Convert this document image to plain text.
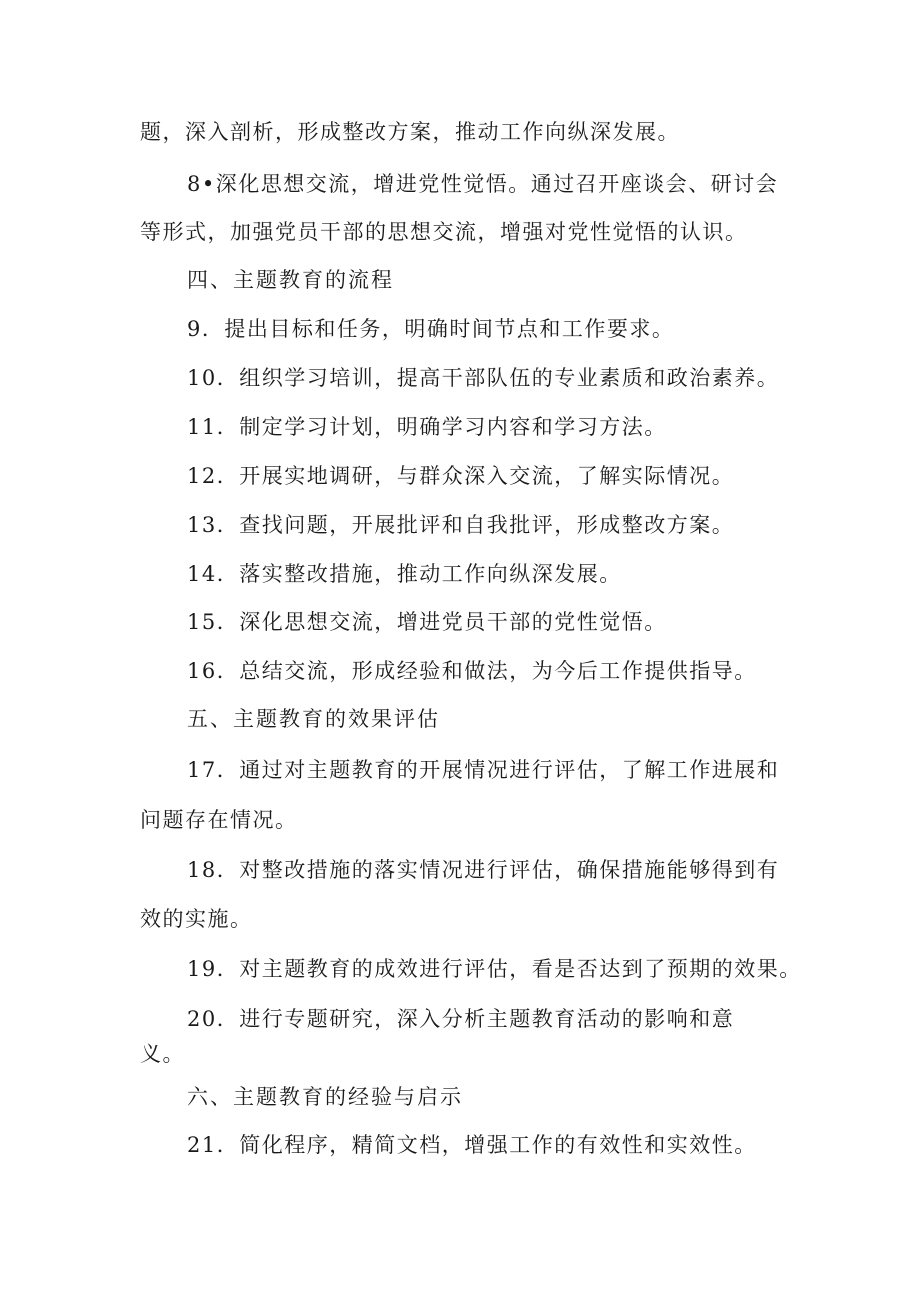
题，深入剖析，形成整改方案，推动工作向纵深发展。
8•深化思想交流，增进党性觉悟。通过召开座谈会、研讨会
等形式，加强党员干部的思想交流，增强对党性觉悟的认识。
四、主题教育的流程
9．提出目标和任务，明确时间节点和工作要求。
10．组织学习培训，提高干部队伍的专业素质和政治素养。
11．制定学习计划，明确学习内容和学习方法。
12．开展实地调研，与群众深入交流，了解实际情况。
13．查找问题，开展批评和自我批评，形成整改方案。
14．落实整改措施，推动工作向纵深发展。
15．深化思想交流，增进党员干部的党性觉悟。
16．总结交流，形成经验和做法，为今后工作提供指导。
五、主题教育的效果评估
17．通过对主题教育的开展情况进行评估，了解工作进展和
问题存在情况。
18．对整改措施的落实情况进行评估，确保措施能够得到有
效的实施。
19．对主题教育的成效进行评估，看是否达到了预期的效果。
20．进行专题研究，深入分析主题教育活动的影响和意
义。
六、主题教育的经验与启示
21．简化程序，精简文档，增强工作的有效性和实效性。
